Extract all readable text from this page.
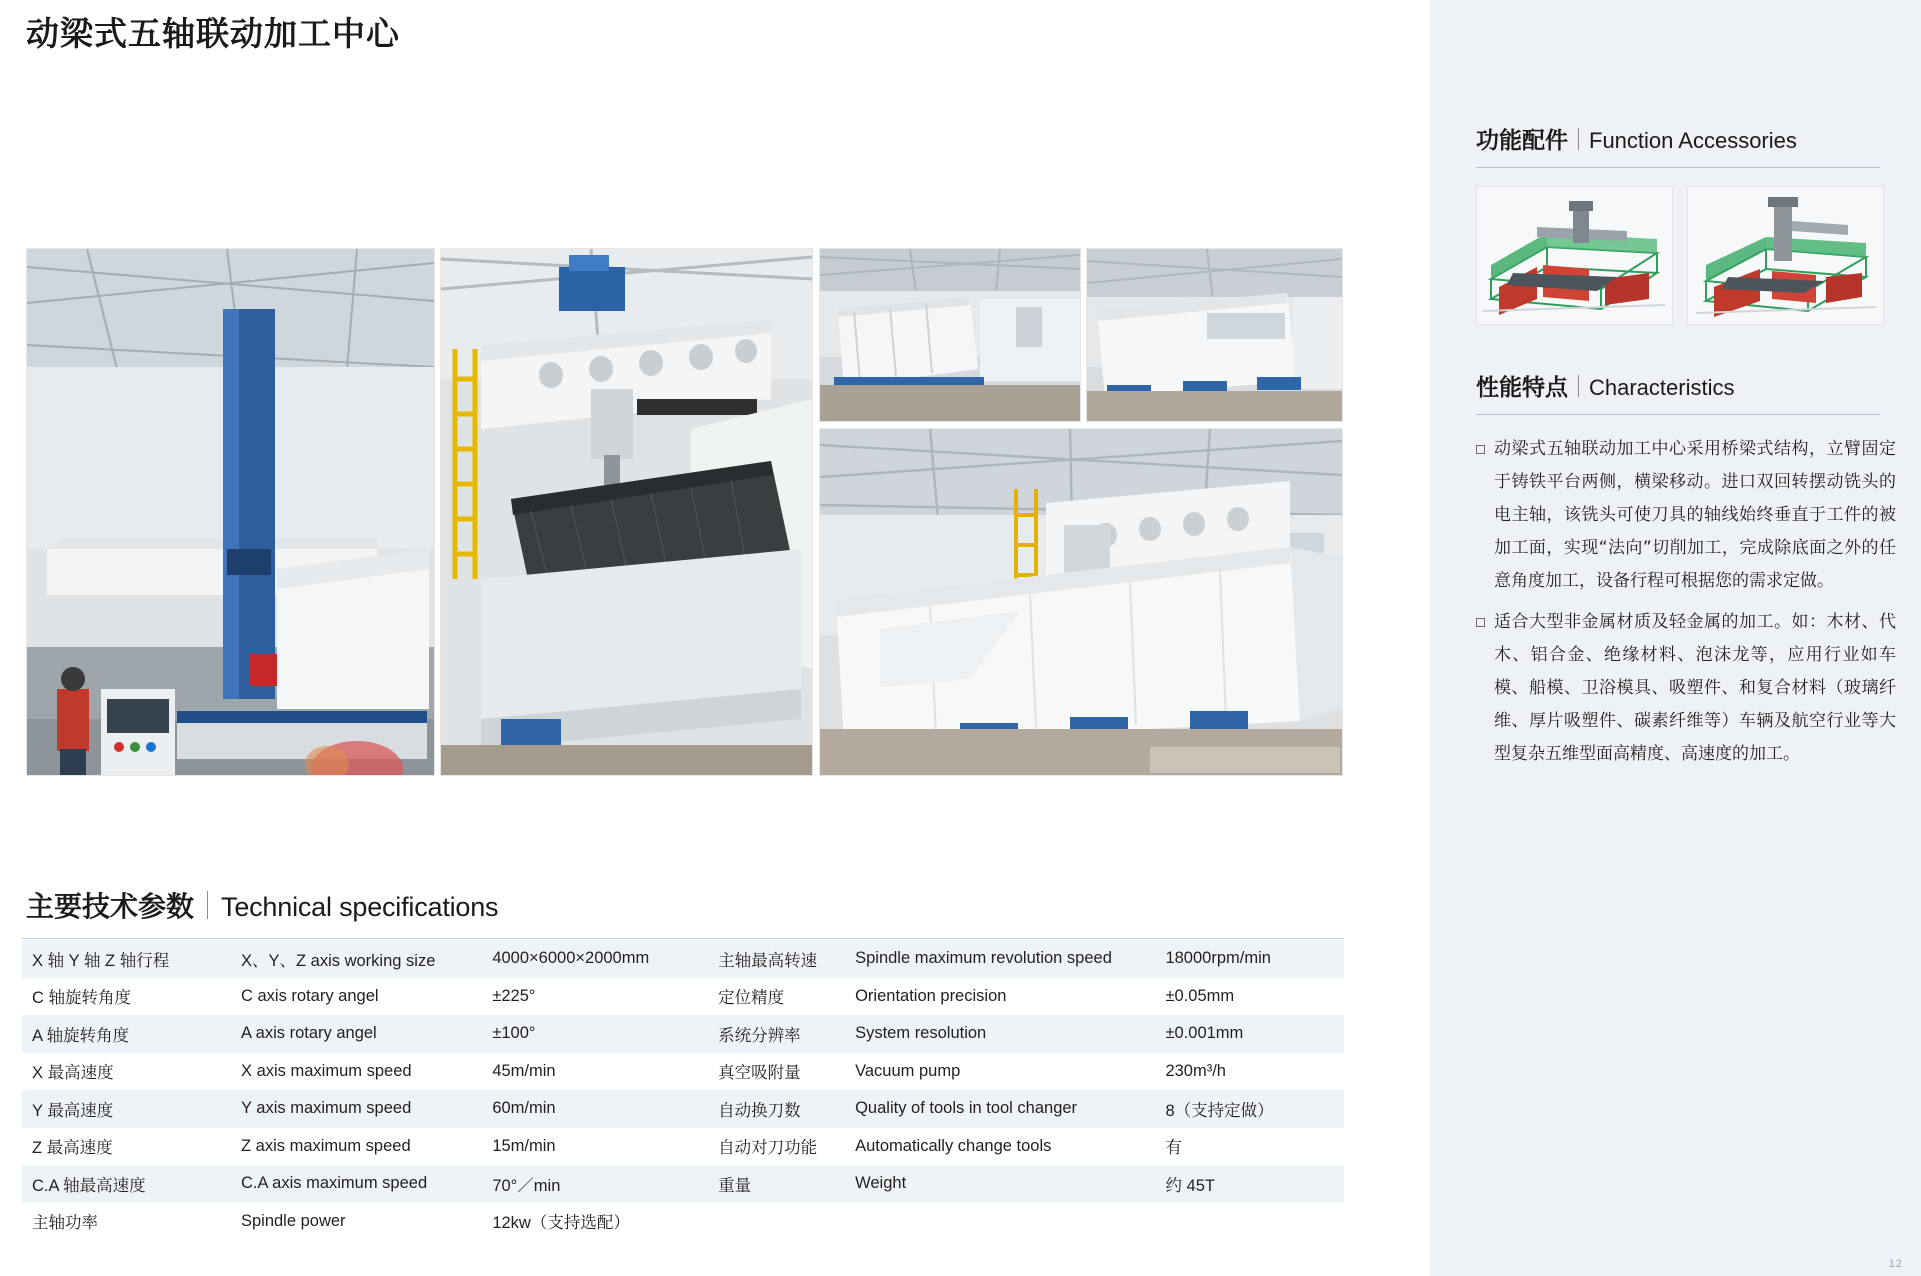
动梁式五轴联动加工中心
主要技术参数 Technical specifications
X 轴 Y 轴 Z 轴行程	X、Y、Z axis working size	4000×6000×2000mm	主轴最高转速	Spindle maximum revolution speed	18000rpm/min
C 轴旋转角度	C axis rotary angel	±225°	定位精度	Orientation precision	±0.05mm
A 轴旋转角度	A axis rotary angel	±100°	系统分辨率	System resolution	±0.001mm
X 最高速度	X axis maximum speed	45m/min	真空吸附量	Vacuum pump	230m³/h
Y 最高速度	Y axis maximum speed	60m/min	自动换刀数	Quality of tools in tool changer	8（支持定做）
Z 最高速度	Z axis maximum speed	15m/min	自动对刀功能	Automatically change tools	有
C.A 轴最高速度	C.A axis maximum speed	70°／min	重量	Weight	约 45T
主轴功率	Spindle power	12kw（支持选配）			
功能配件 Function Accessories
性能特点 Characteristics
动梁式五轴联动加工中心采用桥梁式结构，立臂固定于铸铁平台两侧，横梁移动。进口双回转摆动铣头的电主轴，该铣头可使刀具的轴线始终垂直于工件的被加工面，实现“法向”切削加工，完成除底面之外的任意角度加工，设备行程可根据您的需求定做。
适合大型非金属材质及轻金属的加工。如：木材、代木、铝合金、绝缘材料、泡沫龙等，应用行业如车模、船模、卫浴模具、吸塑件、和复合材料（玻璃纤维、厚片吸塑件、碳素纤维等）车辆及航空行业等大型复杂五维型面高精度、高速度的加工。
12
